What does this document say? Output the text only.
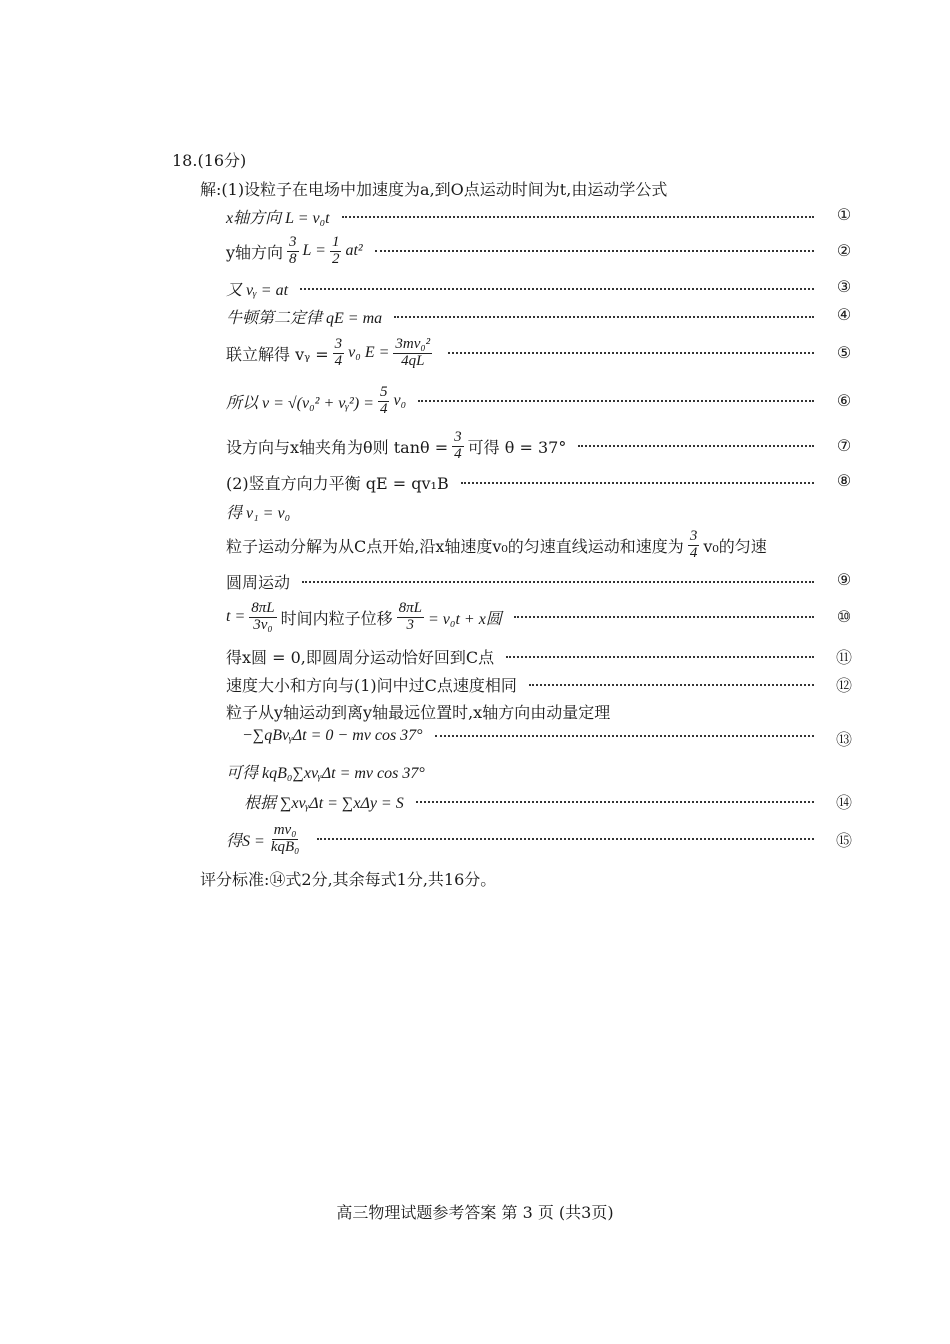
18.(16分)
解:(1)设粒子在电场中加速度为a,到O点运动时间为t,由运动学公式
x轴方向 L = v₀t	①
y轴方向 $\frac{3}{8}$ $L = \frac{1}{2} at^2$	②
又 vᵧ = at	③
牛顿第二定律 qE = ma	④
联立解得 vᵧ = $\frac{3}{4} v_0$ $E = \frac{\text{3mv₀²}}{4qL}$	⑤
所以 v = √(v₀² + vᵧ²) = $\frac{5}{4} v_0$	⑥
设方向与x轴夹角为θ则 $\tan\theta = \frac{3}{4}$ 可得 θ = 37°	⑦
(2)竖直方向力平衡 qE = qv₁B	⑧
得 v₁ = v₀
粒子运动分解为从C点开始,沿x轴速度v₀的匀速直线运动和速度为 $\frac{3}{4} v_0$的匀速
圆周运动	⑨
$t = \frac{8\pi L}{\text{3v₀}}$ 时间内粒子位移 $\frac{8\pi L}{3} = v_0t + x$圆	⑩
得x圆 = 0,即圆周分运动恰好回到C点	⑪
速度大小和方向与(1)问中过C点速度相同	⑫
粒子从y轴运动到离y轴最远位置时,x轴方向由动量定理
−∑qBvᵧΔt = 0 − mv cos 37°	⑬
可得 kqB₀∑xvᵧΔt = mv cos 37°
根据 ∑xvᵧΔt = ∑xΔy = S	⑭
得$S = \frac{\text{mv₀}}{\text{kqB₀}}$	⑮
评分标准:⑭式2分,其余每式1分,共16分。
高三物理试题参考答案 第 3 页 (共3页)
